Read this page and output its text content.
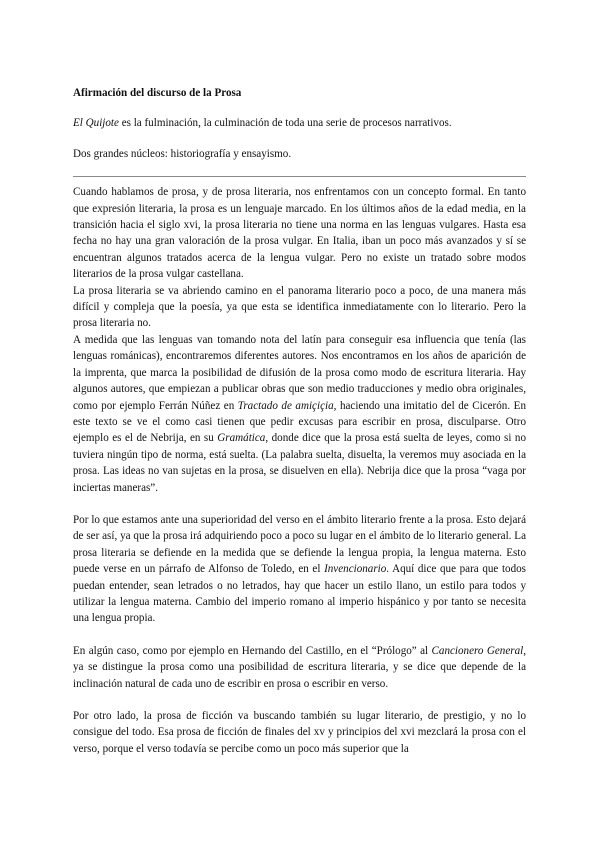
Afirmación del discurso de la Prosa
El Quijote es la fulminación, la culminación de toda una serie de procesos narrativos.
Dos grandes núcleos: historiografía y ensayismo.

Cuando hablamos de prosa, y de prosa literaria, nos enfrentamos con un concepto formal. En tanto que expresión literaria, la prosa es un lenguaje marcado. En los últimos años de la edad media, en la transición hacia el siglo xvi, la prosa literaria no tiene una norma en las lenguas vulgares. Hasta esa fecha no hay una gran valoración de la prosa vulgar. En Italia, iban un poco más avanzados y sí se encuentran algunos tratados acerca de la lengua vulgar. Pero no existe un tratado sobre modos literarios de la prosa vulgar castellana.

La prosa literaria se va abriendo camino en el panorama literario poco a poco, de una manera más difícil y compleja que la poesía, ya que esta se identifica inmediatamente con lo literario. Pero la prosa literaria no.

A medida que las lenguas van tomando nota del latín para conseguir esa influencia que tenía (las lenguas románicas), encontraremos diferentes autores. Nos encontramos en los años de aparición de la imprenta, que marca la posibilidad de difusión de la prosa como modo de escritura literaria. Hay algunos autores, que empiezan a publicar obras que son medio traducciones y medio obra originales, como por ejemplo Ferrán Núñez en Tractado de amiçiçia, haciendo una imitatio del de Cicerón. En este texto se ve el como casi tienen que pedir excusas para escribir en prosa, disculparse. Otro ejemplo es el de Nebrija, en su Gramática, donde dice que la prosa está suelta de leyes, como si no tuviera ningún tipo de norma, está suelta. (La palabra suelta, disuelta, la veremos muy asociada en la prosa. Las ideas no van sujetas en la prosa, se disuelven en ella). Nebrija dice que la prosa “vaga por inciertas maneras”.

Por lo que estamos ante una superioridad del verso en el ámbito literario frente a la prosa. Esto dejará de ser así, ya que la prosa irá adquiriendo poco a poco su lugar en el ámbito de lo literario general. La prosa literaria se defiende en la medida que se defiende la lengua propia, la lengua materna. Esto puede verse en un párrafo de Alfonso de Toledo, en el Invencionario. Aquí dice que para que todos puedan entender, sean letrados o no letrados, hay que hacer un estilo llano, un estilo para todos y utilizar la lengua materna. Cambio del imperio romano al imperio hispánico y por tanto se necesita una lengua propia.

En algún caso, como por ejemplo en Hernando del Castillo, en el “Prólogo” al Cancionero General, ya se distingue la prosa como una posibilidad de escritura literaria, y se dice que depende de la inclinación natural de cada uno de escribir en prosa o escribir en verso.

Por otro lado, la prosa de ficción va buscando también su lugar literario, de prestigio, y no lo consigue del todo. Esa prosa de ficción de finales del xv y principios del xvi mezclará la prosa con el verso, porque el verso todavía se percibe como un poco más superior que la
